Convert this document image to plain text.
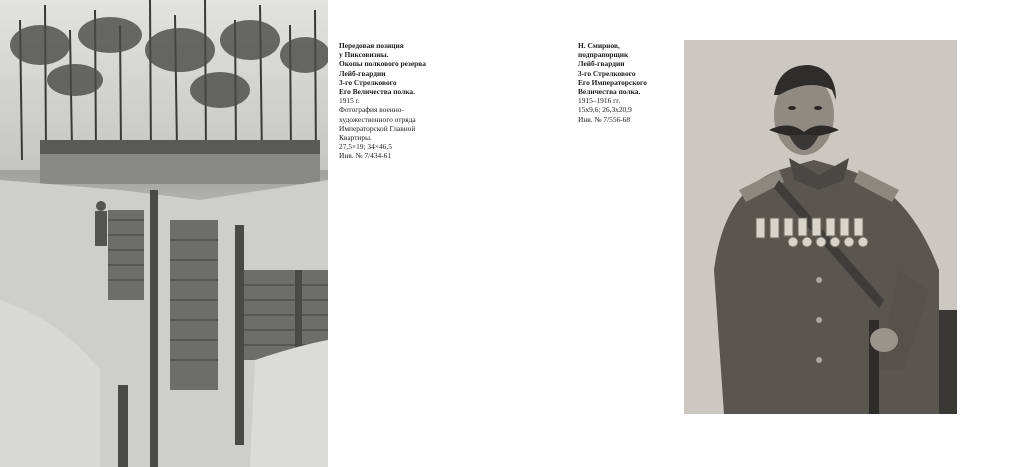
Передовая позиция
у Пиксовизны.
Окопы полкового резерва
Лейб-гвардии
3-го Стрелкового
Его Величества полка.
1915 г.
Фотография военно-
художественного отряда
Императорской Главной
Квартиры.
27,5×19; 34×46,5
Инв. № 7/434-61
Н. Смирнов,
подпрапорщик
Лейб-гвардии
3-го Стрелкового
Его Императорского
Величества полка.
1915–1916 гг.
15х9,6; 26,3х20,9
Инв. № 7/556-68
